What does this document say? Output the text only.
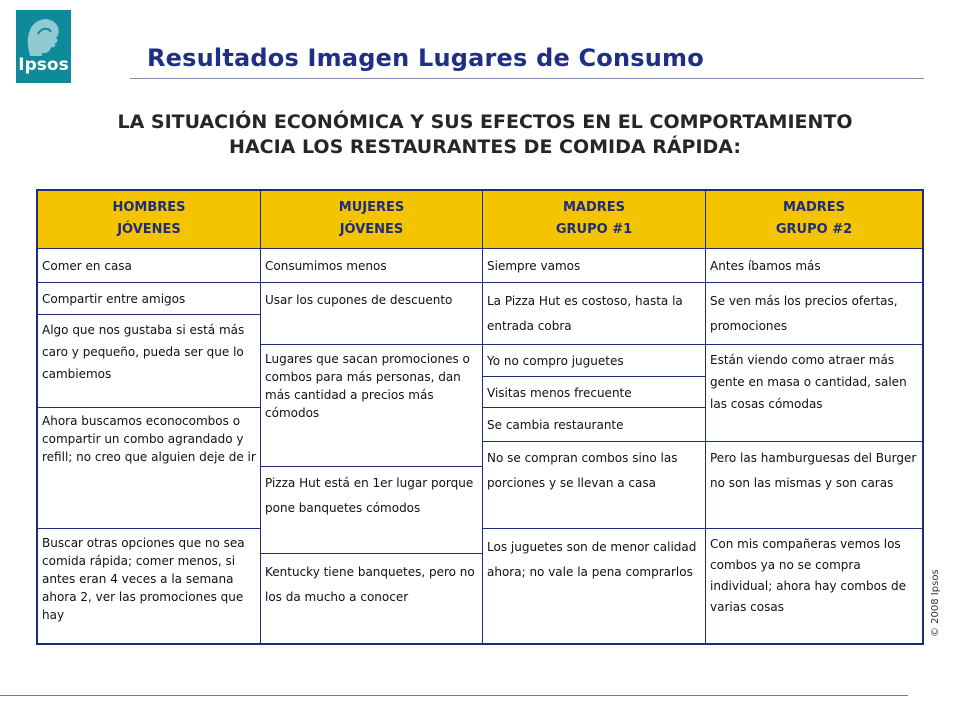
Ipsos	Resultados Imagen Lugares de Consumo
LA SITUACIÓN ECONÓMICA Y SUS EFECTOS EN EL COMPORTAMIENTO
HACIA LOS RESTAURANTES DE COMIDA RÁPIDA:
HOMBRES
JÓVENES
MUJERES
JÓVENES
MADRES
GRUPO #1
MADRES
GRUPO #2
Comer en casa
Compartir entre amigos
Algo que nos gustaba si está más caro y pequeño, pueda ser que lo cambiemos
Ahora buscamos econocombos o compartir un combo agrandado y refill; no creo que alguien deje de ir
Buscar otras opciones que no sea comida rápida; comer menos, si antes eran 4 veces a la semana ahora 2, ver las promociones que hay
Consumimos menos
Usar los cupones de descuento
Lugares que sacan promociones o combos para más personas, dan más cantidad a precios más cómodos
Pizza Hut está en 1er lugar porque pone banquetes cómodos
Kentucky tiene banquetes, pero no los da mucho a conocer
Siempre vamos
La Pizza Hut es costoso, hasta la entrada cobra
Yo no compro juguetes
Visitas menos frecuente
Se cambia restaurante
No se compran combos sino las porciones y se llevan a casa
Los juguetes son de menor calidad ahora; no vale la pena comprarlos
Antes íbamos más
Se ven más los precios ofertas, promociones
Están viendo como atraer más gente en masa o cantidad, salen las cosas cómodas
Pero las hamburguesas del Burger no son las mismas y son caras
Con mis compañeras vemos los combos ya no se compra individual; ahora hay combos de varias cosas	© 2008 Ipsos
